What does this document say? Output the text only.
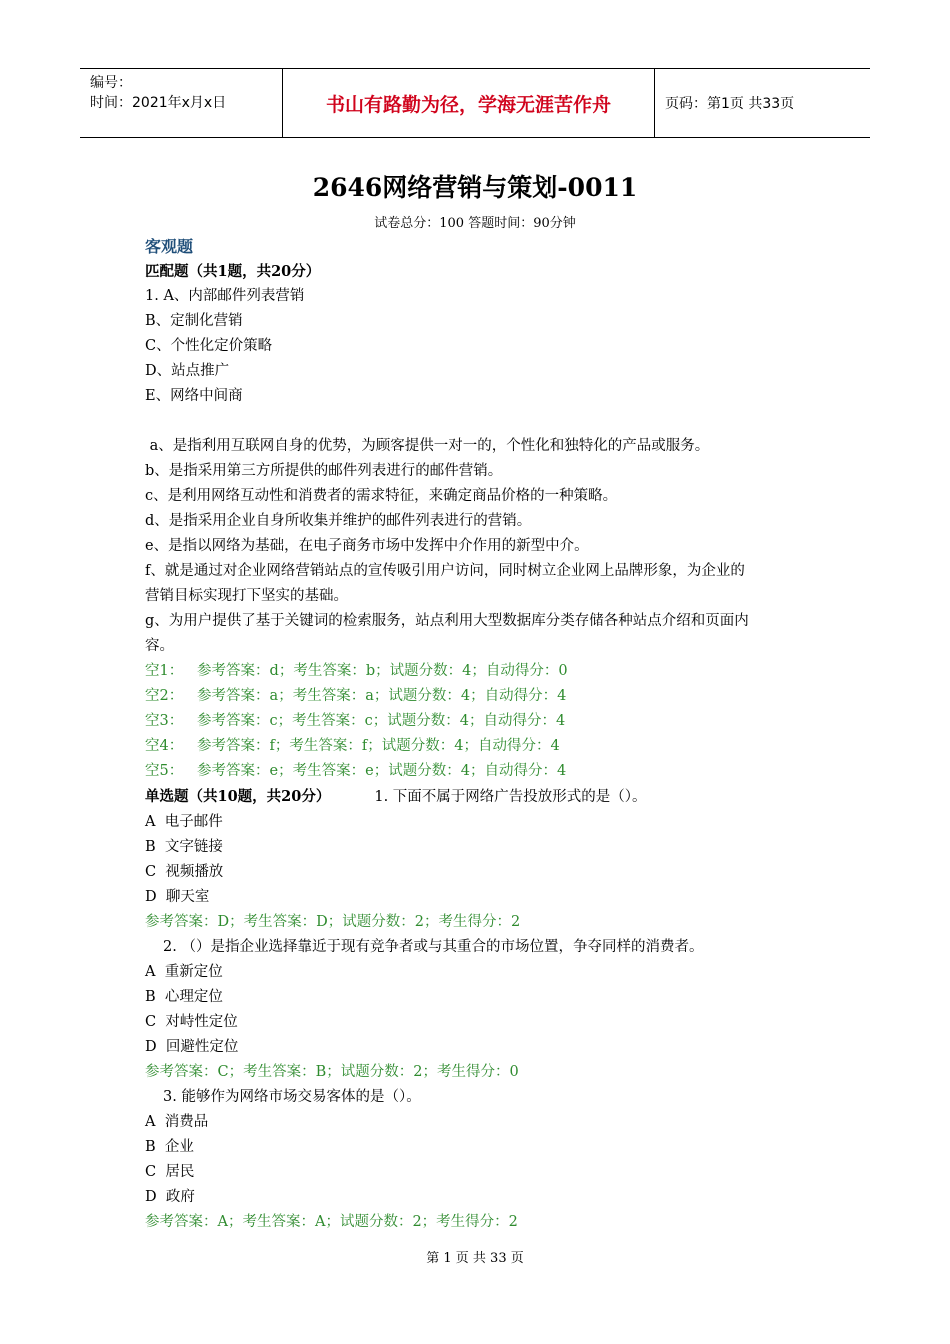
编号：
时间：2021年x月x日	书山有路勤为径，学海无涯苦作舟	页码：第1页 共33页
2646网络营销与策划-0011
试卷总分：100 答题时间：90分钟
客观题
匹配题（共1题，共20分）
1. A、内部邮件列表营销
B、定制化营销
C、个性化定价策略
D、站点推广
E、网络中间商
a、是指利用互联网自身的优势，为顾客提供一对一的，个性化和独特化的产品或服务。
b、是指采用第三方所提供的邮件列表进行的邮件营销。
c、是利用网络互动性和消费者的需求特征，来确定商品价格的一种策略。
d、是指采用企业自身所收集并维护的邮件列表进行的营销。
e、是指以网络为基础，在电子商务市场中发挥中介作用的新型中介。
f、就是通过对企业网络营销站点的宣传吸引用户访问，同时树立企业网上品牌形象，为企业的
营销目标实现打下坚实的基础。
g、为用户提供了基于关键词的检索服务，站点利用大型数据库分类存储各种站点介绍和页面内
容。
空1：   参考答案：d；考生答案：b；试题分数：4；自动得分：0
空2：   参考答案：a；考生答案：a；试题分数：4；自动得分：4
空3：   参考答案：c；考生答案：c；试题分数：4；自动得分：4
空4：   参考答案：f；考生答案：f；试题分数：4；自动得分：4
空5：   参考答案：e；考生答案：e；试题分数：4；自动得分：4
单选题（共10题，共20分）	1. 下面不属于网络广告投放形式的是（）。
A  电子邮件
B  文字链接
C  视频播放
D  聊天室
参考答案：D；考生答案：D；试题分数：2；考生得分：2
2. （）是指企业选择靠近于现有竞争者或与其重合的市场位置，争夺同样的消费者。
A  重新定位
B  心理定位
C  对峙性定位
D  回避性定位
参考答案：C；考生答案：B；试题分数：2；考生得分：0
3. 能够作为网络市场交易客体的是（）。
A  消费品
B  企业
C  居民
D  政府
参考答案：A；考生答案：A；试题分数：2；考生得分：2
第 1 页 共 33 页
